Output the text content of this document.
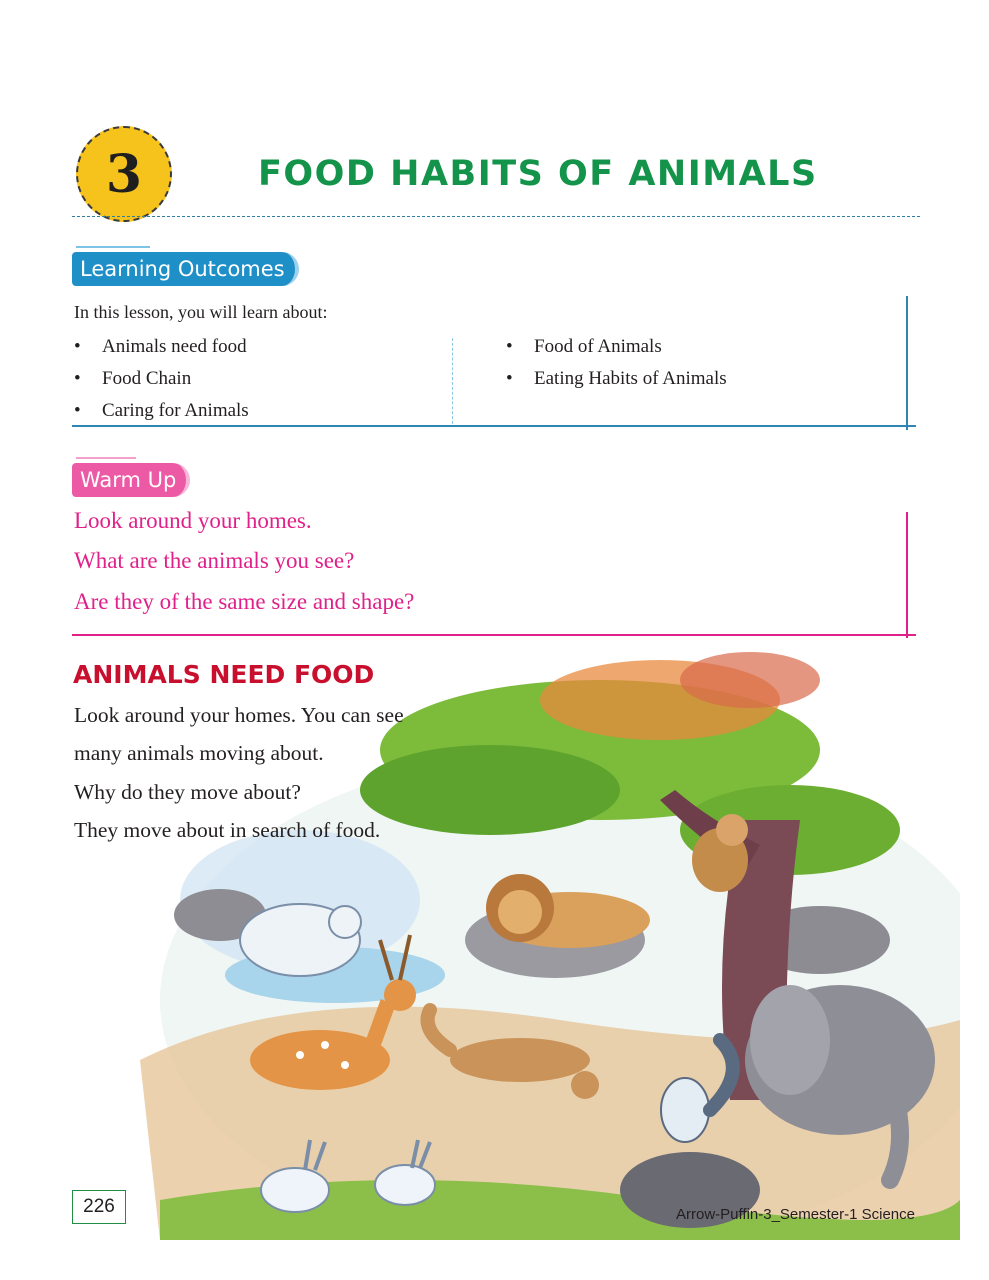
3	FOOD HABITS OF ANIMALS
Learning Outcomes
In this lesson, you will learn about:
• Animals need food
• Food Chain
• Caring for Animals
• Food of Animals
• Eating Habits of Animals
Warm Up
Look around your homes.
What are the animals you see?
Are they of the same size and shape?
ANIMALS NEED FOOD
Look around your homes. You can see
many animals moving about.
Why do they move about?
They move about in search of food.
226	Arrow-Puffin-3_Semester-1 Science
